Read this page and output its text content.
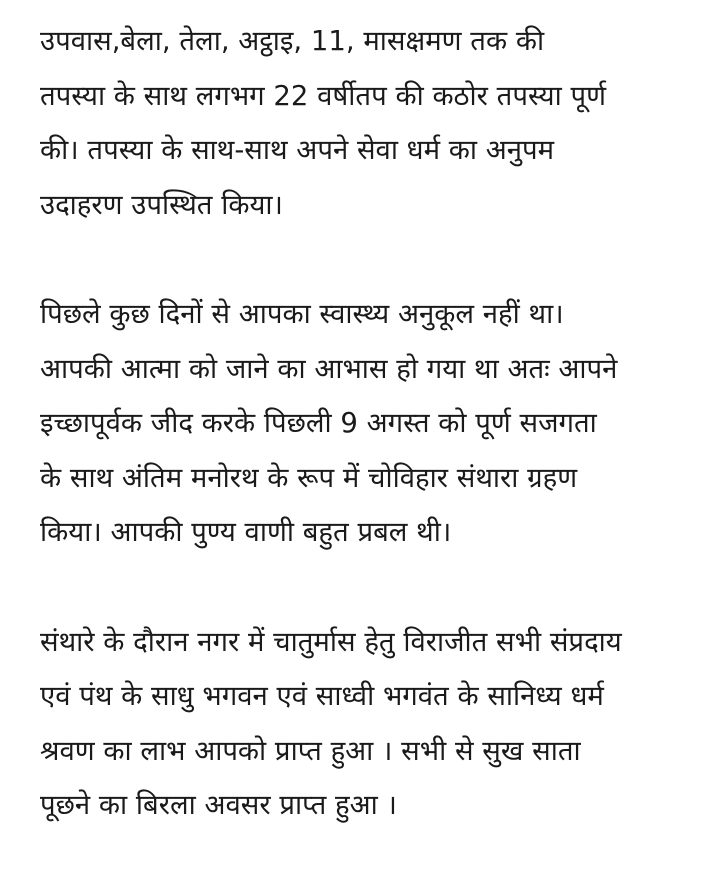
उपवास,बेला, तेला, अट्ठाइ, 11, मासक्षमण तक की
तपस्या के साथ लगभग 22 वर्षीतप की कठोर तपस्या पूर्ण
की। तपस्या के साथ-साथ अपने सेवा धर्म का अनुपम
उदाहरण उपस्थित किया।

पिछले कुछ दिनों से आपका स्वास्थ्य अनुकूल नहीं था।
आपकी आत्मा को जाने का आभास हो गया था अतः आपने
इच्छापूर्वक जीद करके पिछली 9 अगस्त को पूर्ण सजगता
के साथ अंतिम मनोरथ के रूप में चोविहार संथारा ग्रहण
किया। आपकी पुण्य वाणी बहुत प्रबल थी।

संथारे के दौरान नगर में चातुर्मास हेतु विराजीत सभी संप्रदाय
एवं पंथ के साधु भगवन एवं साध्वी भगवंत के सानिध्य धर्म
श्रवण का लाभ आपको प्राप्त हुआ । सभी से सुख साता
पूछने का बिरला अवसर प्राप्त हुआ ।
